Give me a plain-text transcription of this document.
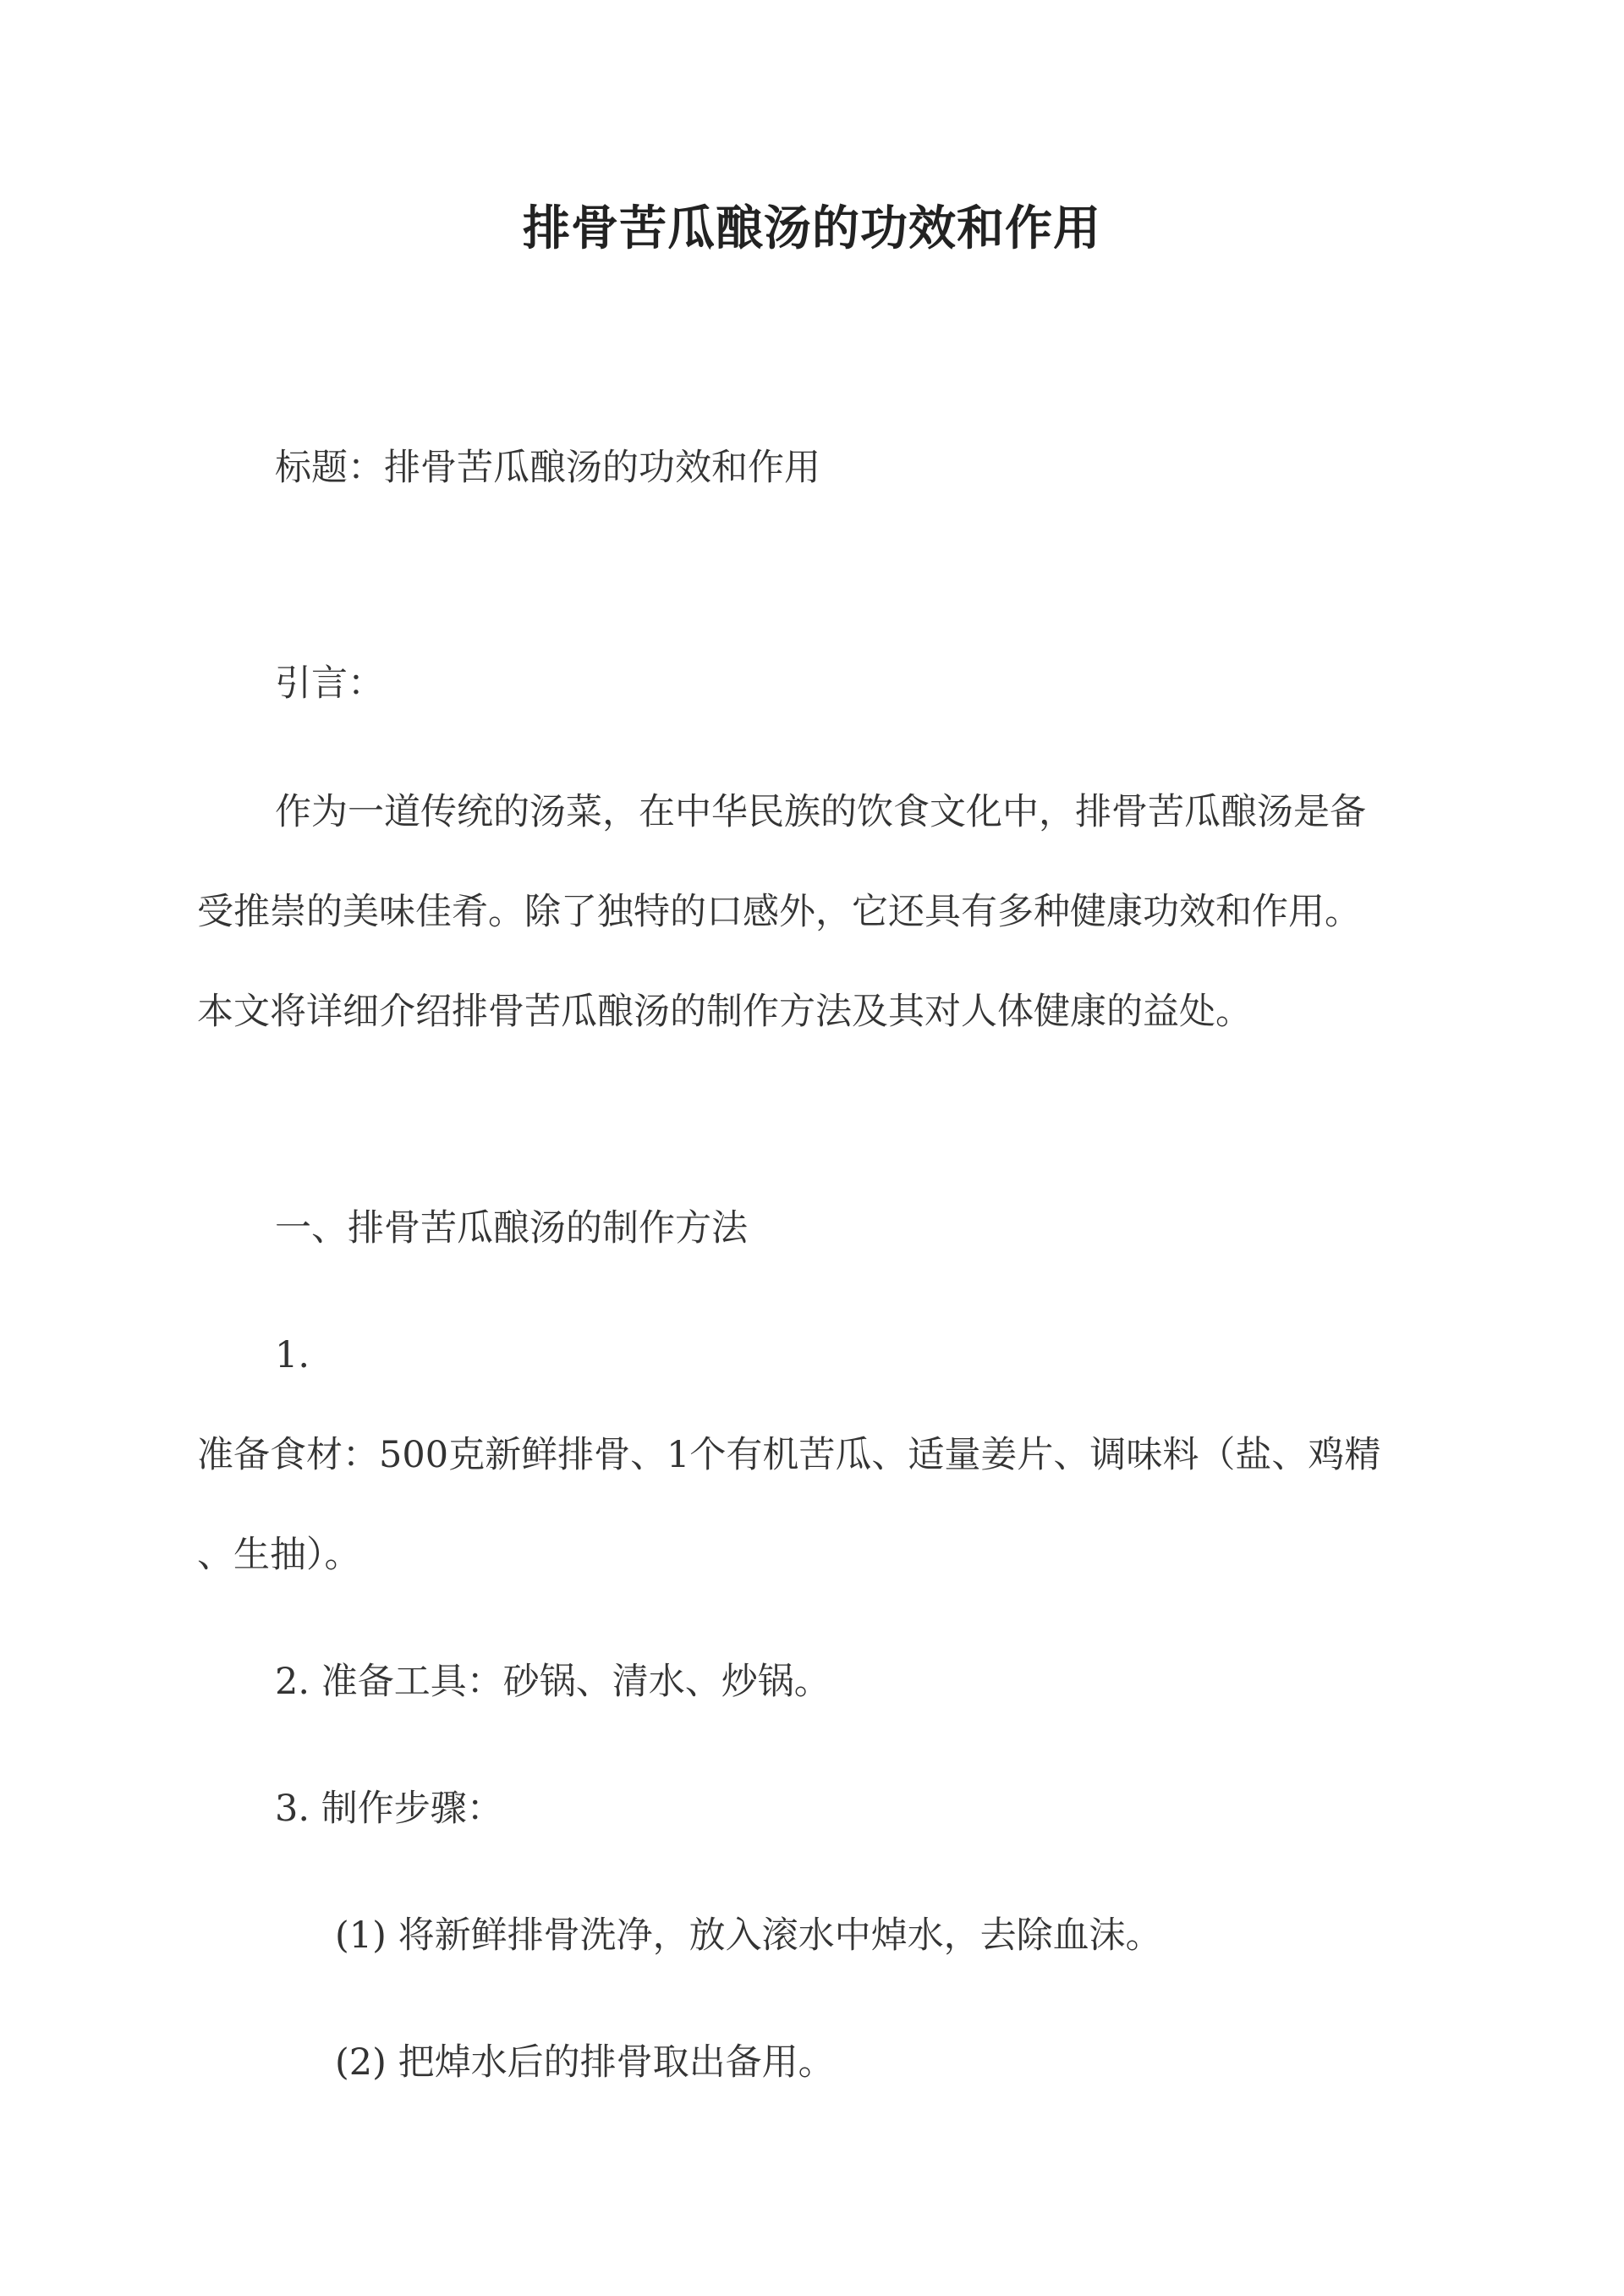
排骨苦瓜酿汤的功效和作用
标题：排骨苦瓜酿汤的功效和作用
引言：
作为一道传统的汤菜，在中华民族的饮食文化中，排骨苦瓜酿汤是备
受推崇的美味佳肴。除了独特的口感外，它还具有多种健康功效和作用。
本文将详细介绍排骨苦瓜酿汤的制作方法及其对人体健康的益处。
一、排骨苦瓜酿汤的制作方法
1.
准备食材：500克新鲜排骨、1个有机苦瓜、适量姜片、调味料（盐、鸡精
、生抽）。
2. 准备工具：砂锅、清水、炒锅。
3. 制作步骤：
(1) 将新鲜排骨洗净，放入滚水中焯水，去除血沫。
(2) 把焯水后的排骨取出备用。
